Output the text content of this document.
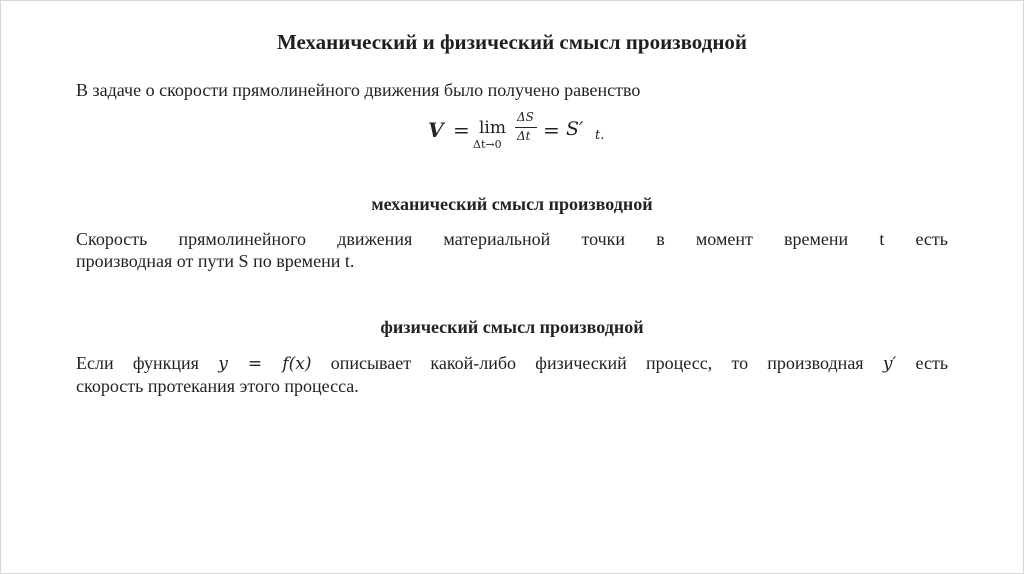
Механический и физический смысл производной
В задаче о скорости прямолинейного движения было получено равенство
V = lim
Δt→0
ΔS
Δt = S′ t.
механический смысл производной
Скорость прямолинейного движения материальной точки в момент времени t есть
производная от пути S по времени t.
физический смысл производной
Если функция y = f(x) описывает какой-либо физический процесс, то производная y′ есть
скорость протекания этого процесса.
